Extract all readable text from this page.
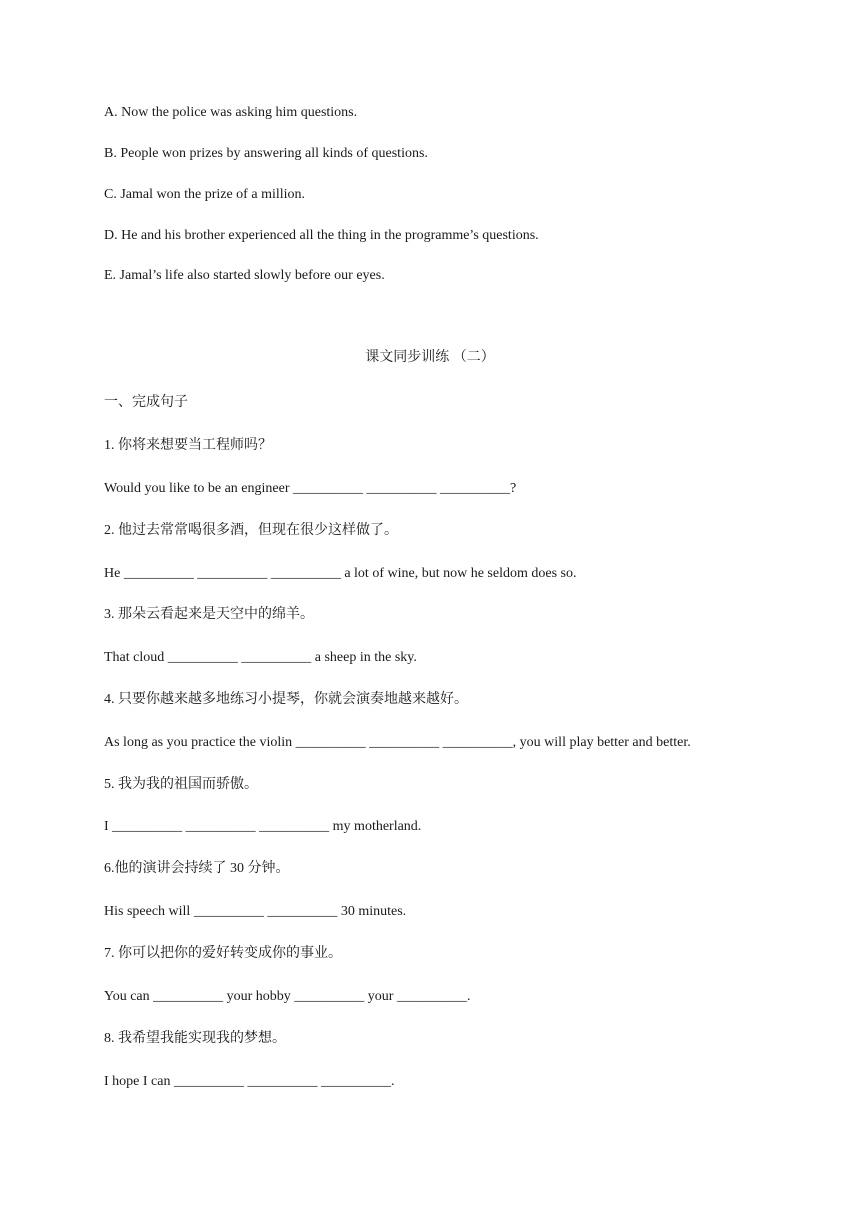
A. Now the police was asking him questions.
B. People won prizes by answering all kinds of questions.
C. Jamal won the prize of a million.
D. He and his brother experienced all the thing in the programme’s questions.
E. Jamal’s life also started slowly before our eyes.
课文同步训练 （二）
一、完成句子
1. 你将来想要当工程师吗？
Would you like to be an engineer __________ __________ __________?
2. 他过去常常喝很多酒，但现在很少这样做了。
He __________ __________ __________ a lot of wine, but now he seldom does so.
3. 那朵云看起来是天空中的绵羊。
That cloud __________ __________ a sheep in the sky.
4. 只要你越来越多地练习小提琴，你就会演奏地越来越好。
As long as you practice the violin __________ __________ __________, you will play better and better.
5. 我为我的祖国而骄傲。
I __________ __________ __________ my motherland.
6.他的演讲会持续了 30 分钟。
His speech will __________ __________ 30 minutes.
7. 你可以把你的爱好转变成你的事业。
You can __________ your hobby __________ your __________.
8. 我希望我能实现我的梦想。
I hope I can __________ __________ __________.
